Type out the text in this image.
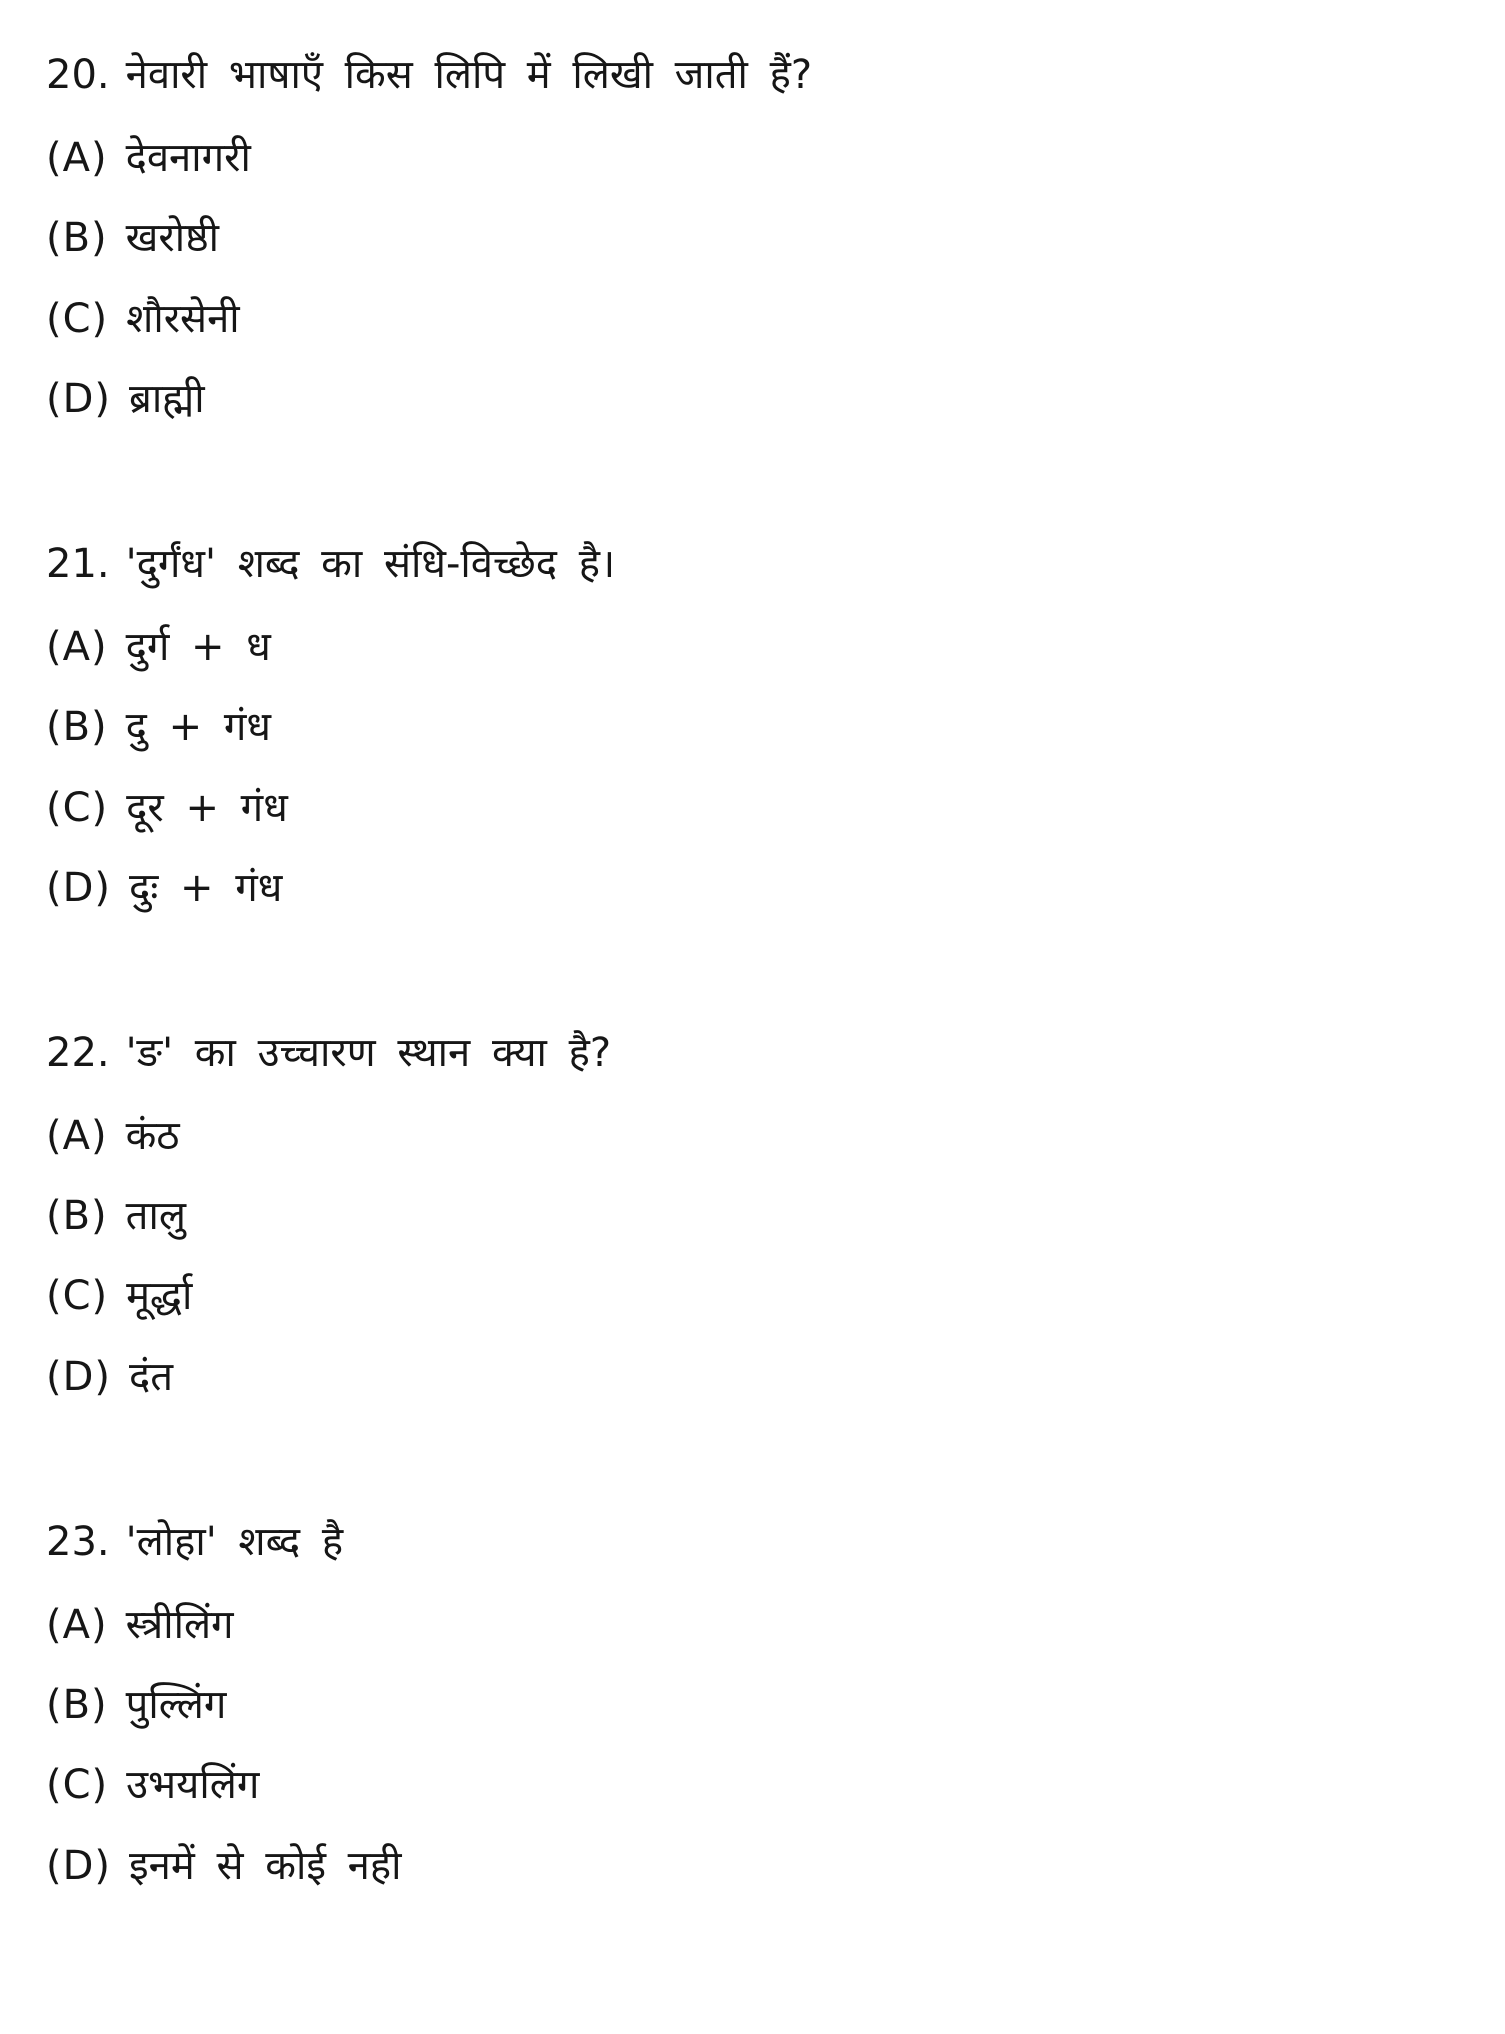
20. नेवारी भाषाएँ किस लिपि में लिखी जाती हैं?

(A) देवनागरी
(B) खरोष्ठी
(C) शौरसेनी
(D) ब्राह्मी

21. 'दुर्गंध' शब्द का संधि-विच्छेद है।

(A) दुर्ग + ध
(B) दु + गंध
(C) दूर + गंध
(D) दुः + गंध

22. 'ङ' का उच्चारण स्थान क्या है?

(A) कंठ
(B) तालु
(C) मूर्द्धा
(D) दंत

23. 'लोहा' शब्द है

(A) स्त्रीलिंग
(B) पुल्लिंग
(C) उभयलिंग
(D) इनमें से कोई नही
